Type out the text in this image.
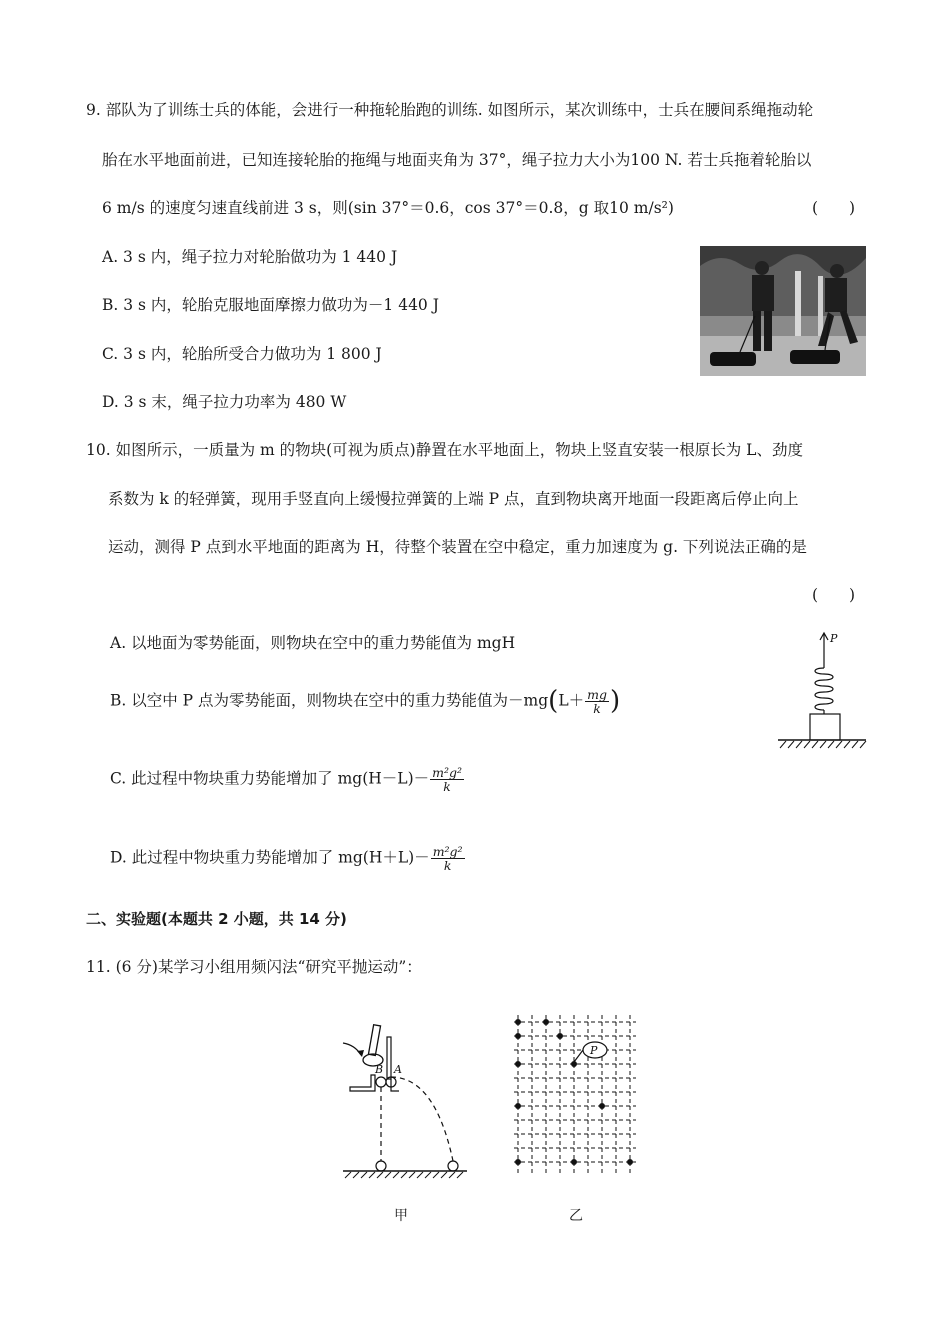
9. 部队为了训练士兵的体能，会进行一种拖轮胎跑的训练. 如图所示，某次训练中，士兵在腰间系绳拖动轮
胎在水平地面前进，已知连接轮胎的拖绳与地面夹角为 37°，绳子拉力大小为100 N. 若士兵拖着轮胎以
6 m/s 的速度匀速直线前进 3 s，则(sin 37°＝0.6，cos 37°＝0.8，g 取10 m/s²)	(　　)
A. 3 s 内，绳子拉力对轮胎做功为 1 440 J
B. 3 s 内，轮胎克服地面摩擦力做功为－1 440 J
C. 3 s 内，轮胎所受合力做功为 1 800 J
D. 3 s 末，绳子拉力功率为 480 W
10. 如图所示，一质量为 m 的物块(可视为质点)静置在水平地面上，物块上竖直安装一根原长为 L、劲度
系数为 k 的轻弹簧，现用手竖直向上缓慢拉弹簧的上端 P 点，直到物块离开地面一段距离后停止向上
运动，测得 P 点到水平地面的距离为 H，待整个装置在空中稳定，重力加速度为 g. 下列说法正确的是
(　　)
A. 以地面为零势能面，则物块在空中的重力势能值为 mgH
B. 以空中 P 点为零势能面，则物块在空中的重力势能值为$-mg(L+ \frac{mg}{k}$ )
C. 此过程中物块重力势能增加了 $mg(H-L)- \frac{\text{m²g²}}{k}$
D. 此过程中物块重力势能增加了 $mg(H+L)- \frac{\text{m²g²}}{k}$
P
二、实验题(本题共 2 小题，共 14 分)
11. (6 分)某学习小组用频闪法“研究平抛运动”：
B A
P
甲	乙
